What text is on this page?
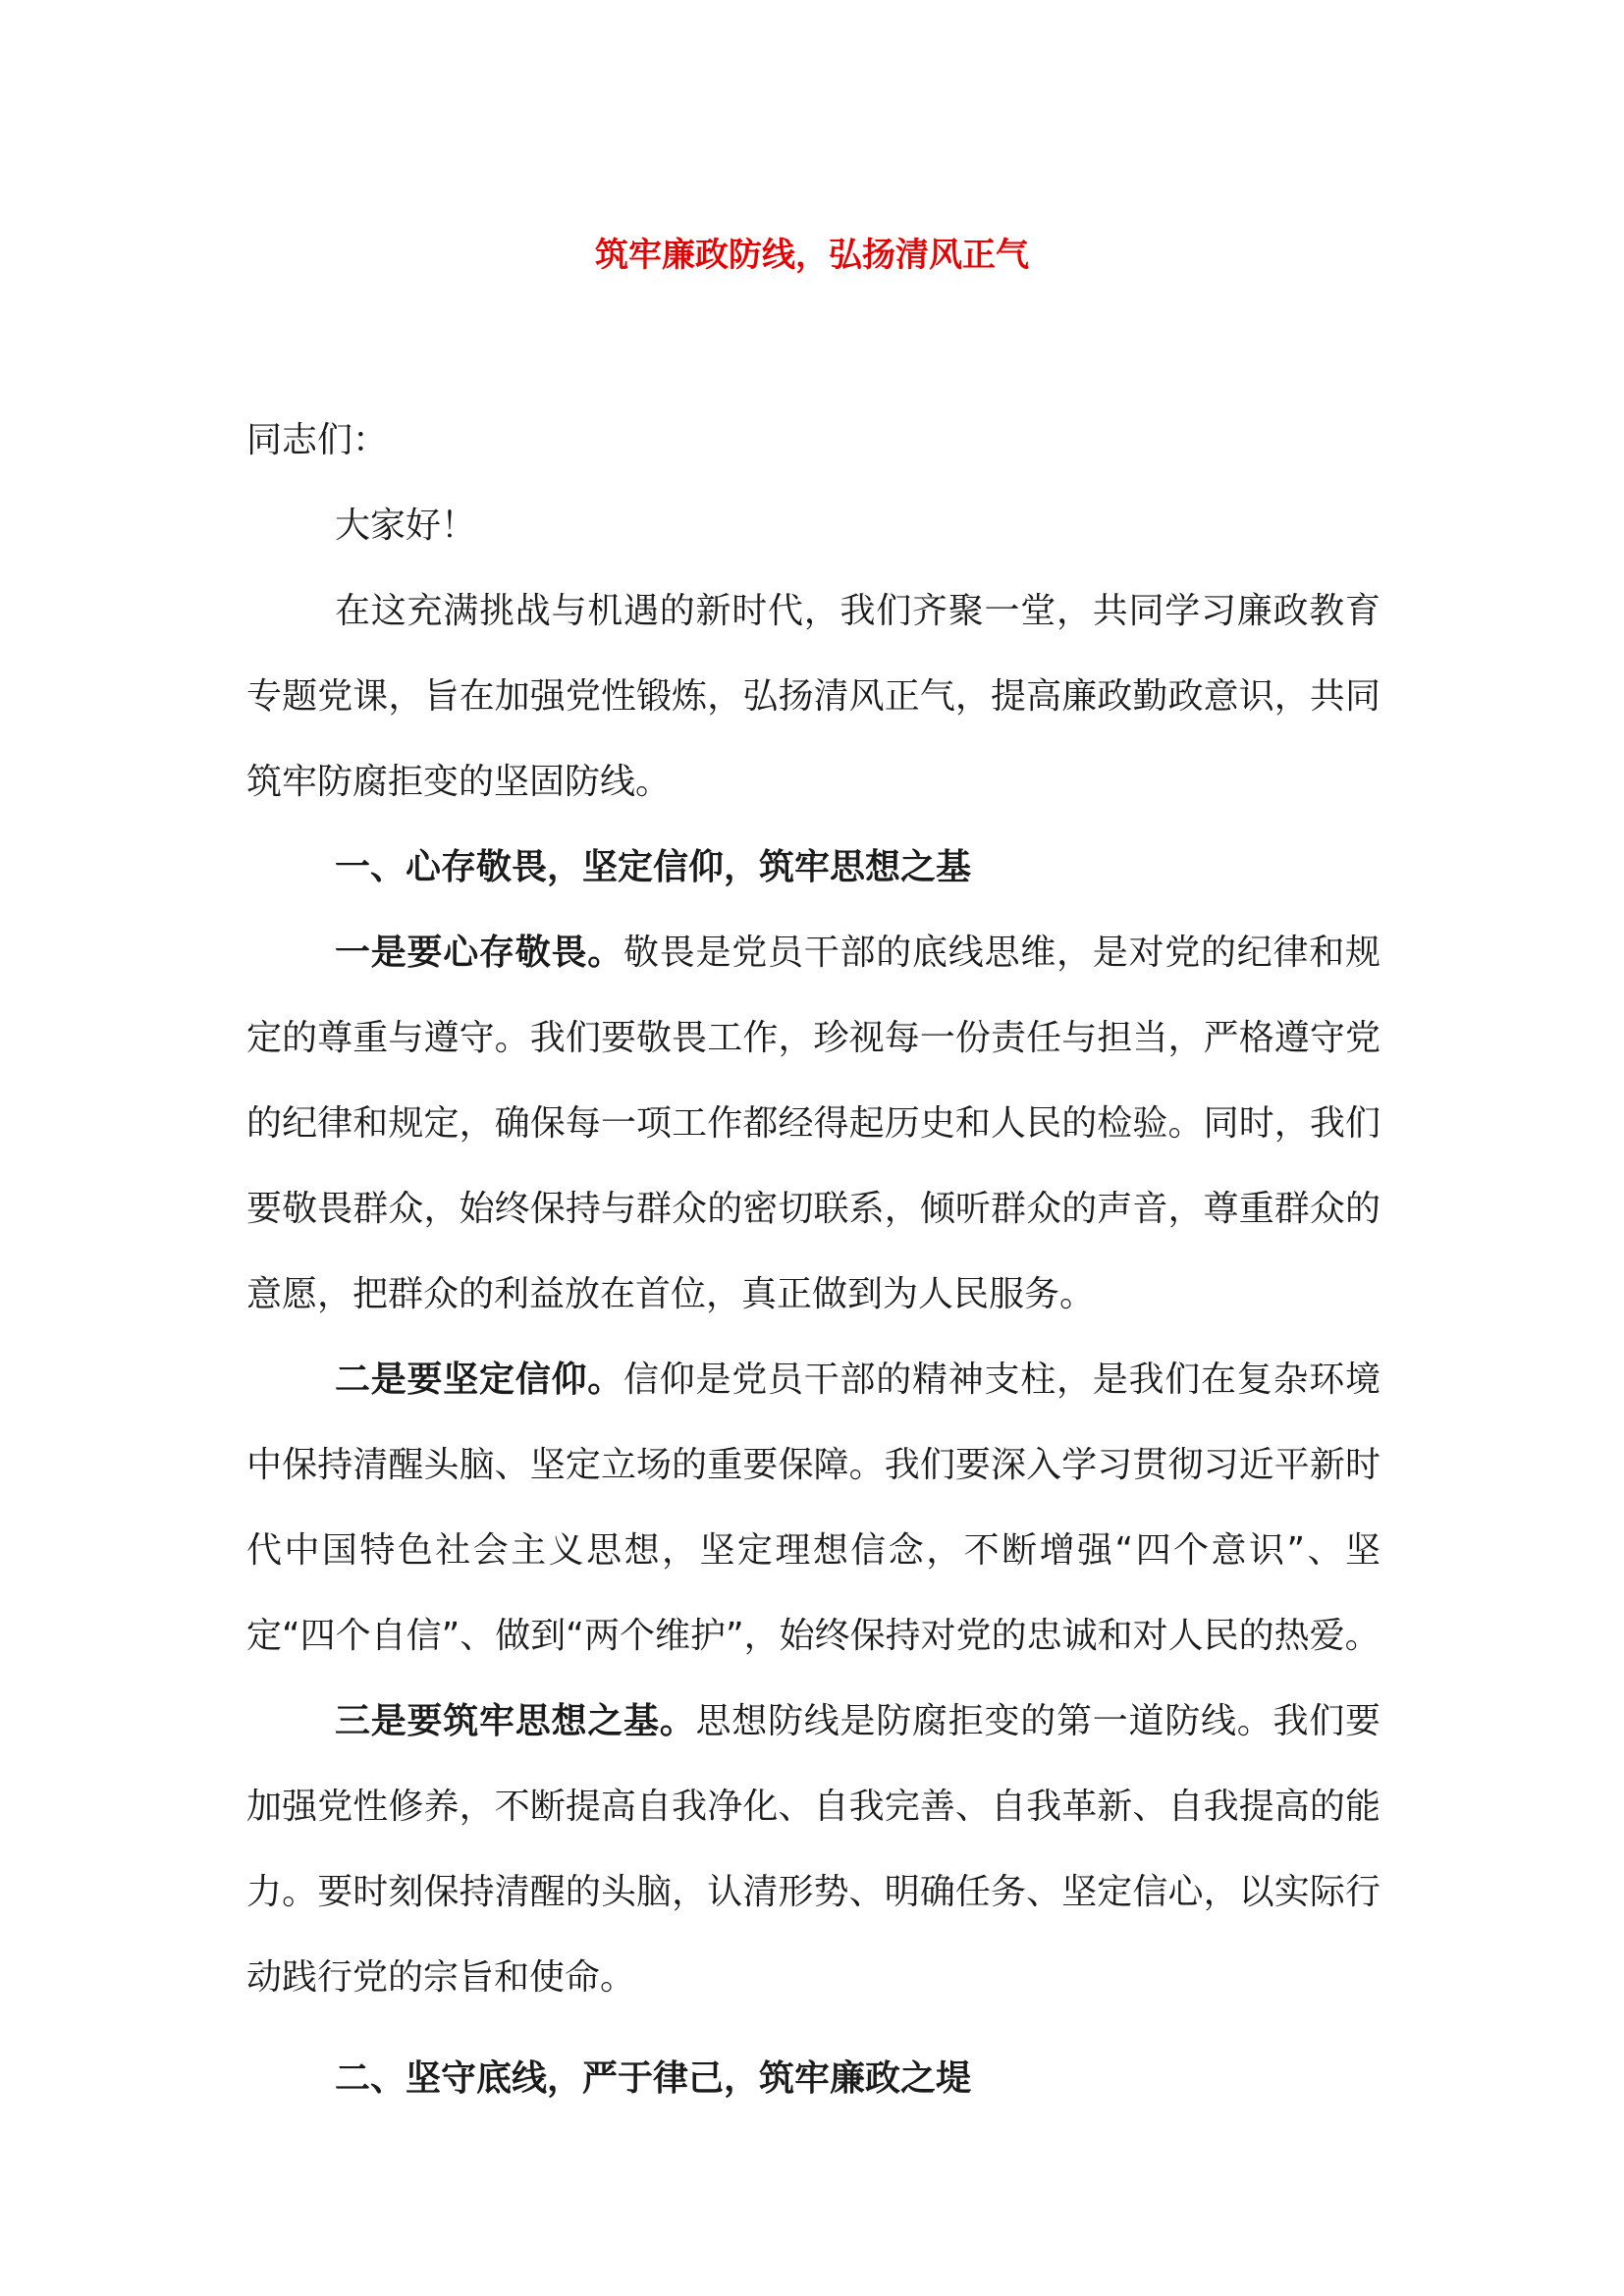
筑牢廉政防线，弘扬清风正气

同志们：

大家好！

在这充满挑战与机遇的新时代，我们齐聚一堂，共同学习廉政教育专题党课，旨在加强党性锻炼，弘扬清风正气，提高廉政勤政意识，共同筑牢防腐拒变的坚固防线。

一、心存敬畏，坚定信仰，筑牢思想之基

一是要心存敬畏。敬畏是党员干部的底线思维，是对党的纪律和规定的尊重与遵守。我们要敬畏工作，珍视每一份责任与担当，严格遵守党的纪律和规定，确保每一项工作都经得起历史和人民的检验。同时，我们要敬畏群众，始终保持与群众的密切联系，倾听群众的声音，尊重群众的意愿，把群众的利益放在首位，真正做到为人民服务。

二是要坚定信仰。信仰是党员干部的精神支柱，是我们在复杂环境中保持清醒头脑、坚定立场的重要保障。我们要深入学习贯彻习近平新时代中国特色社会主义思想，坚定理想信念，不断增强“四个意识”、坚定“四个自信”、做到“两个维护”，始终保持对党的忠诚和对人民的热爱。

三是要筑牢思想之基。思想防线是防腐拒变的第一道防线。我们要加强党性修养，不断提高自我净化、自我完善、自我革新、自我提高的能力。要时刻保持清醒的头脑，认清形势、明确任务、坚定信心，以实际行动践行党的宗旨和使命。

二、坚守底线，严于律己，筑牢廉政之堤
